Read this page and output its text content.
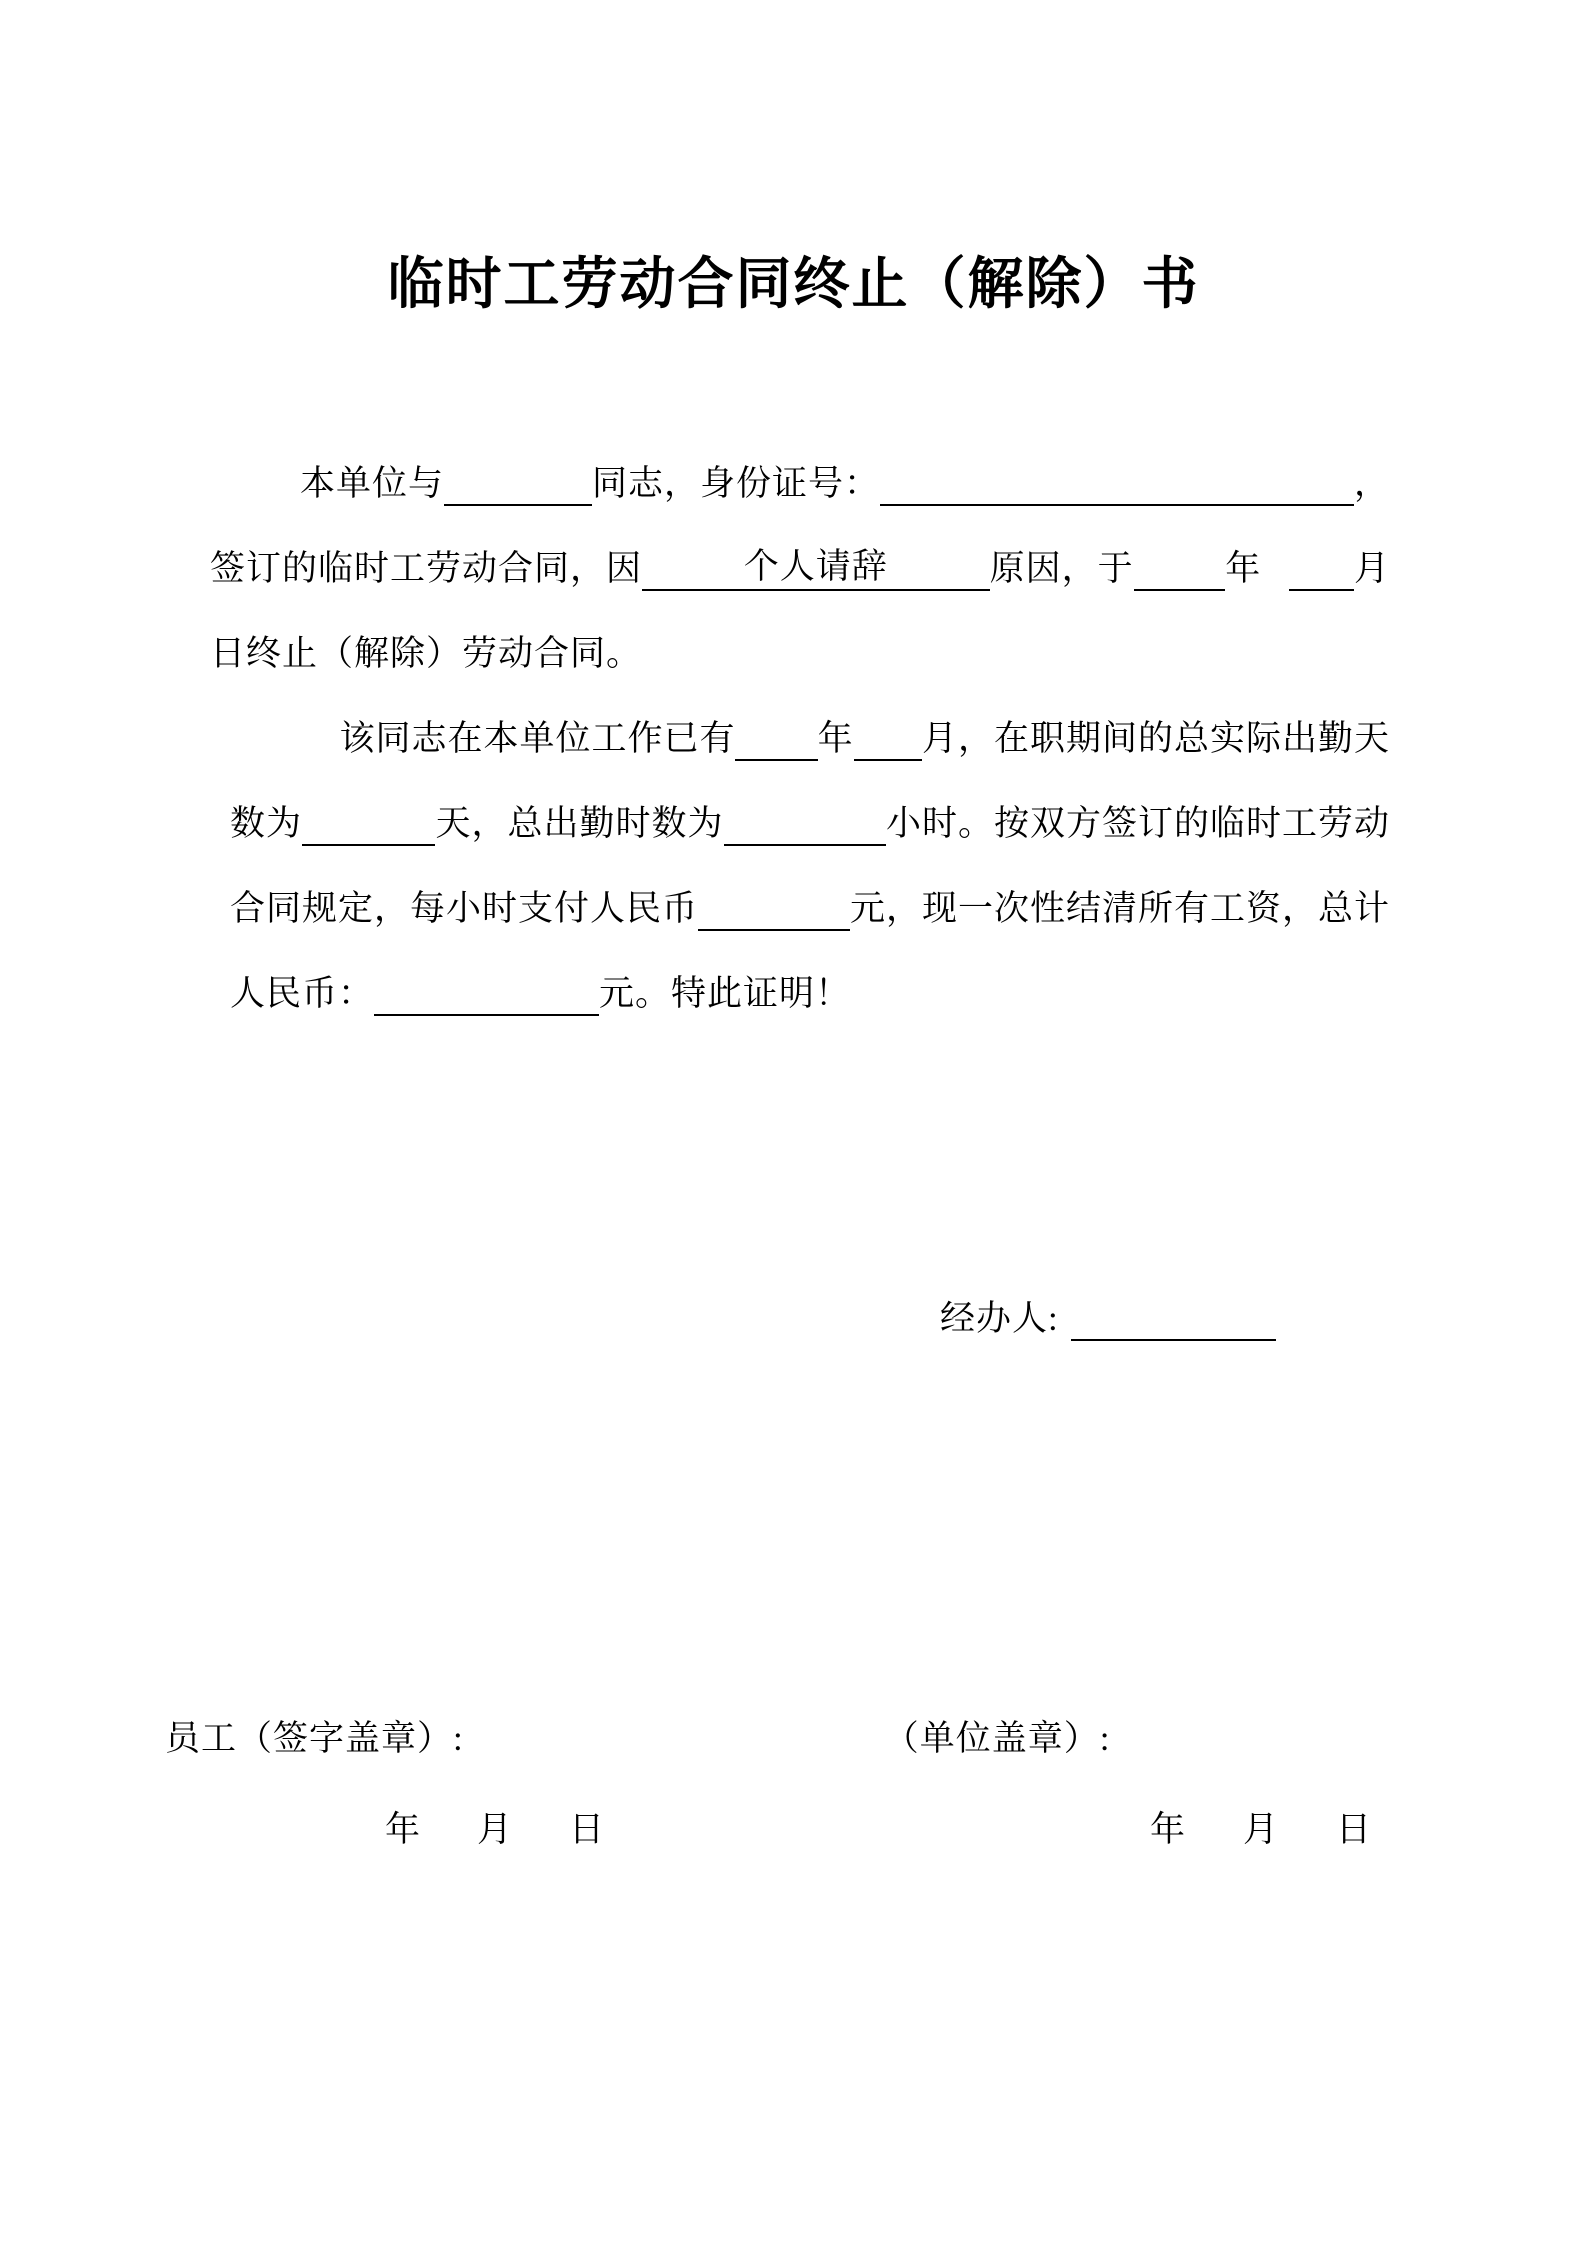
临时工劳动合同终止（解除）书
本单位与	同志，身份证号：	，
签订的临时工劳动合同，因	个人请辞	原因，于	年	月
日终止（解除）劳动合同。
该同志在本单位工作已有 年 月，在职期间的总实际出勤天
数为	天，总出勤时数为	小时。按双方签订的临时工劳动
合同规定，每小时支付人民币	元，现一次性结清所有工资，总计
人民币：	元。特此证明！
经办人:
员工（签字盖章）:	（单位盖章）:
年 月 日	年 月 日
